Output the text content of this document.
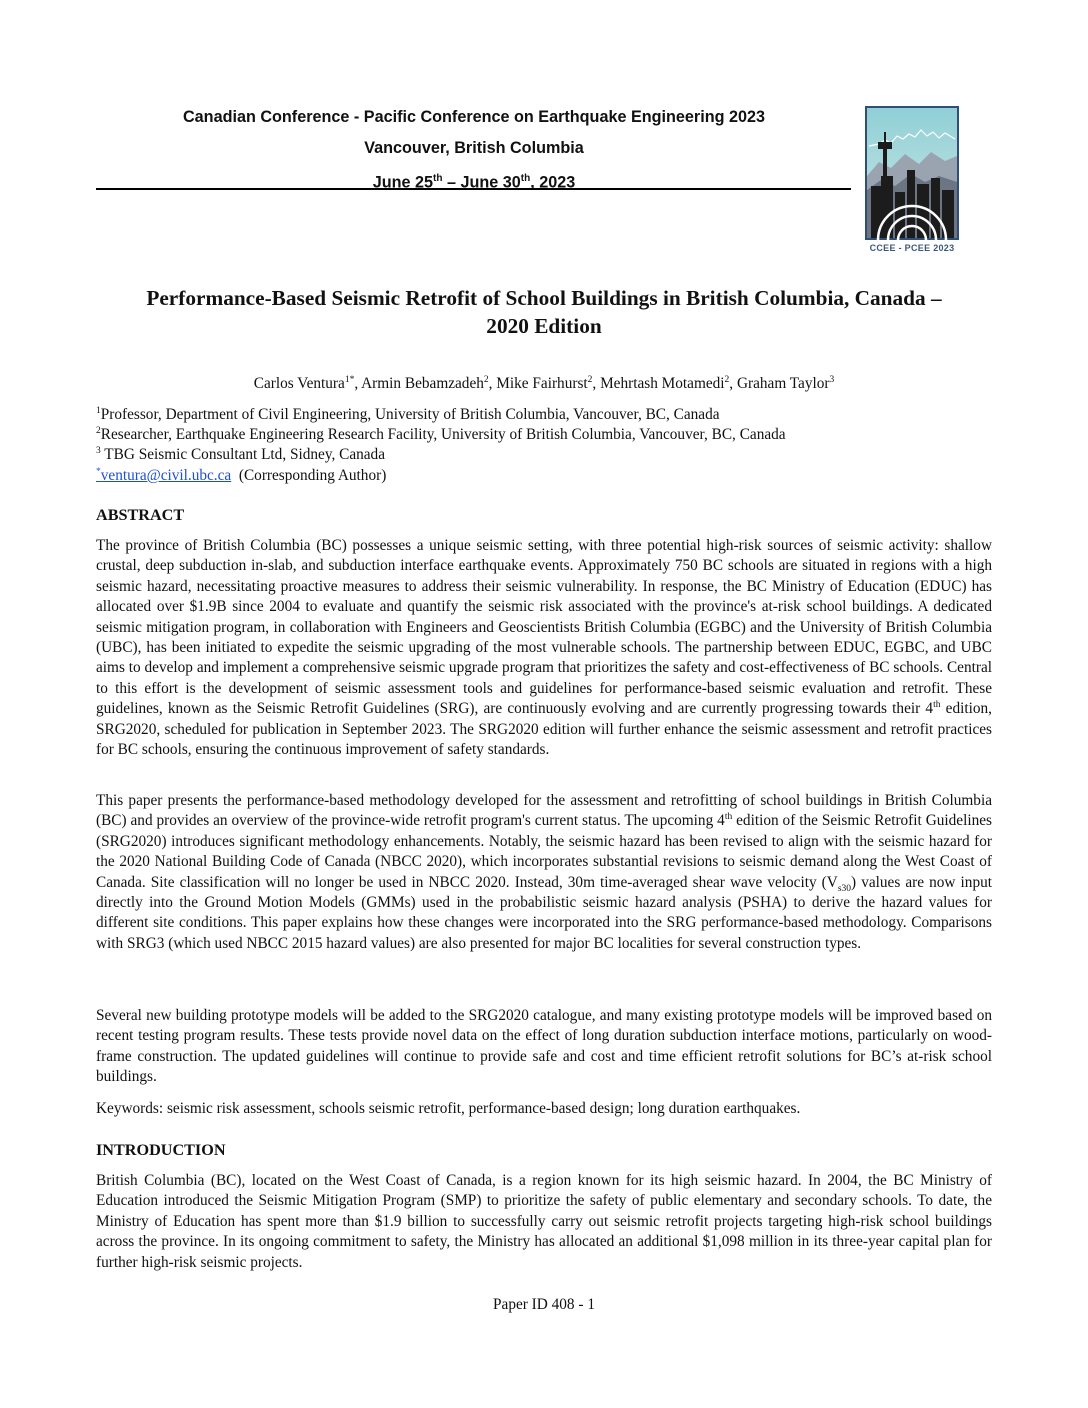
Canadian Conference - Pacific Conference on Earthquake Engineering 2023

Vancouver, British Columbia

June 25th – June 30th, 2023

CCEE - PCEE 2023
Performance-Based Seismic Retrofit of School Buildings in British Columbia, Canada –
2020 Edition
Carlos Ventura$^{1*}$, Armin Bebamzadeh$^2$, Mike Fairhurst$^2$, Mehrtash Motamedi$^2$, Graham Taylor$^3$
$^1$Professor, Department of Civil Engineering, University of British Columbia, Vancouver, BC, Canada
$^2$Researcher, Earthquake Engineering Research Facility, University of British Columbia, Vancouver, BC, Canada
$^3$ TBG Seismic Consultant Ltd, Sidney, Canada
*ventura@civil.ubc.ca  (Corresponding Author)
ABSTRACT

The province of British Columbia (BC) possesses a unique seismic setting, with three potential high-risk sources of seismic activity: shallow crustal, deep subduction in-slab, and subduction interface earthquake events. Approximately 750 BC schools are situated in regions with a high seismic hazard, necessitating proactive measures to address their seismic vulnerability. In response, the BC Ministry of Education (EDUC) has allocated over $1.9B since 2004 to evaluate and quantify the seismic risk associated with the province's at-risk school buildings. A dedicated seismic mitigation program, in collaboration with Engineers and Geoscientists British Columbia (EGBC) and the University of British Columbia (UBC), has been initiated to expedite the seismic upgrading of the most vulnerable schools. The partnership between EDUC, EGBC, and UBC aims to develop and implement a comprehensive seismic upgrade program that prioritizes the safety and cost-effectiveness of BC schools. Central to this effort is the development of seismic assessment tools and guidelines for performance-based seismic evaluation and retrofit. These guidelines, known as the Seismic Retrofit Guidelines (SRG), are continuously evolving and are currently progressing towards their 4th edition, SRG2020, scheduled for publication in September 2023. The SRG2020 edition will further enhance the seismic assessment and retrofit practices for BC schools, ensuring the continuous improvement of safety standards.

This paper presents the performance-based methodology developed for the assessment and retrofitting of school buildings in British Columbia (BC) and provides an overview of the province-wide retrofit program's current status. The upcoming 4th edition of the Seismic Retrofit Guidelines (SRG2020) introduces significant methodology enhancements. Notably, the seismic hazard has been revised to align with the seismic hazard for the 2020 National Building Code of Canada (NBCC 2020), which incorporates substantial revisions to seismic demand along the West Coast of Canada. Site classification will no longer be used in NBCC 2020. Instead, 30m time-averaged shear wave velocity $(V_{s30})$ values are now input directly into the Ground Motion Models (GMMs) used in the probabilistic seismic hazard analysis (PSHA) to derive the hazard values for different site conditions. This paper explains how these changes were incorporated into the SRG performance-based methodology. Comparisons with SRG3 (which used NBCC 2015 hazard values) are also presented for major BC localities for several construction types.

Several new building prototype models will be added to the SRG2020 catalogue, and many existing prototype models will be improved based on recent testing program results. These tests provide novel data on the effect of long duration subduction interface motions, particularly on wood-frame construction. The updated guidelines will continue to provide safe and cost and time efficient retrofit solutions for BC’s at-risk school buildings.

Keywords: seismic risk assessment, schools seismic retrofit, performance-based design; long duration earthquakes.

INTRODUCTION

British Columbia (BC), located on the West Coast of Canada, is a region known for its high seismic hazard. In 2004, the BC Ministry of Education introduced the Seismic Mitigation Program (SMP) to prioritize the safety of public elementary and secondary schools. To date, the Ministry of Education has spent more than $1.9 billion to successfully carry out seismic retrofit projects targeting high-risk school buildings across the province. In its ongoing commitment to safety, the Ministry has allocated an additional $1,098 million in its three-year capital plan for further high-risk seismic projects.

Paper ID 408 - 1
